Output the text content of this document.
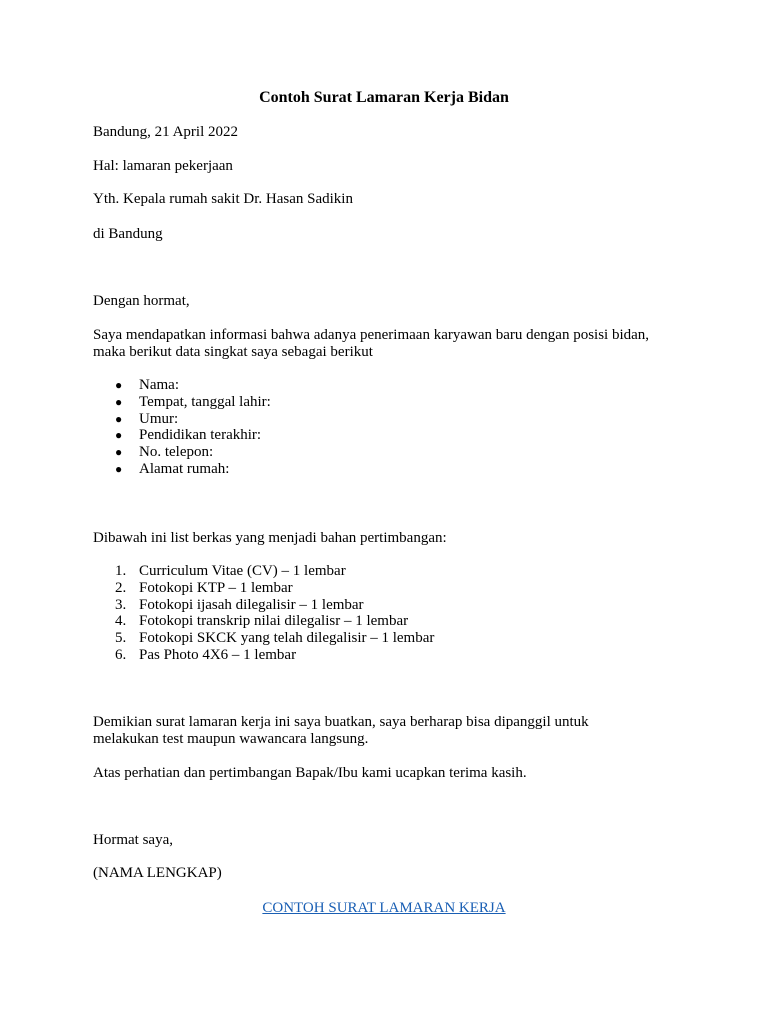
Contoh Surat Lamaran Kerja Bidan
Bandung, 21 April 2022
Hal: lamaran pekerjaan
Yth. Kepala rumah sakit Dr. Hasan Sadikin
di Bandung
Dengan hormat,
Saya mendapatkan informasi bahwa adanya penerimaan karyawan baru dengan posisi bidan,
maka berikut data singkat saya sebagai berikut
● Nama:
● Tempat, tanggal lahir:
● Umur:
● Pendidikan terakhir:
● No. telepon:
● Alamat rumah:
Dibawah ini list berkas yang menjadi bahan pertimbangan:
1. Curriculum Vitae (CV) – 1 lembar
2. Fotokopi KTP – 1 lembar
3. Fotokopi ijasah dilegalisir – 1 lembar
4. Fotokopi transkrip nilai dilegalisr – 1 lembar
5. Fotokopi SKCK yang telah dilegalisir – 1 lembar
6. Pas Photo 4X6 – 1 lembar
Demikian surat lamaran kerja ini saya buatkan, saya berharap bisa dipanggil untuk
melakukan test maupun wawancara langsung.
Atas perhatian dan pertimbangan Bapak/Ibu kami ucapkan terima kasih.
Hormat saya,
(NAMA LENGKAP)
CONTOH SURAT LAMARAN KERJA
